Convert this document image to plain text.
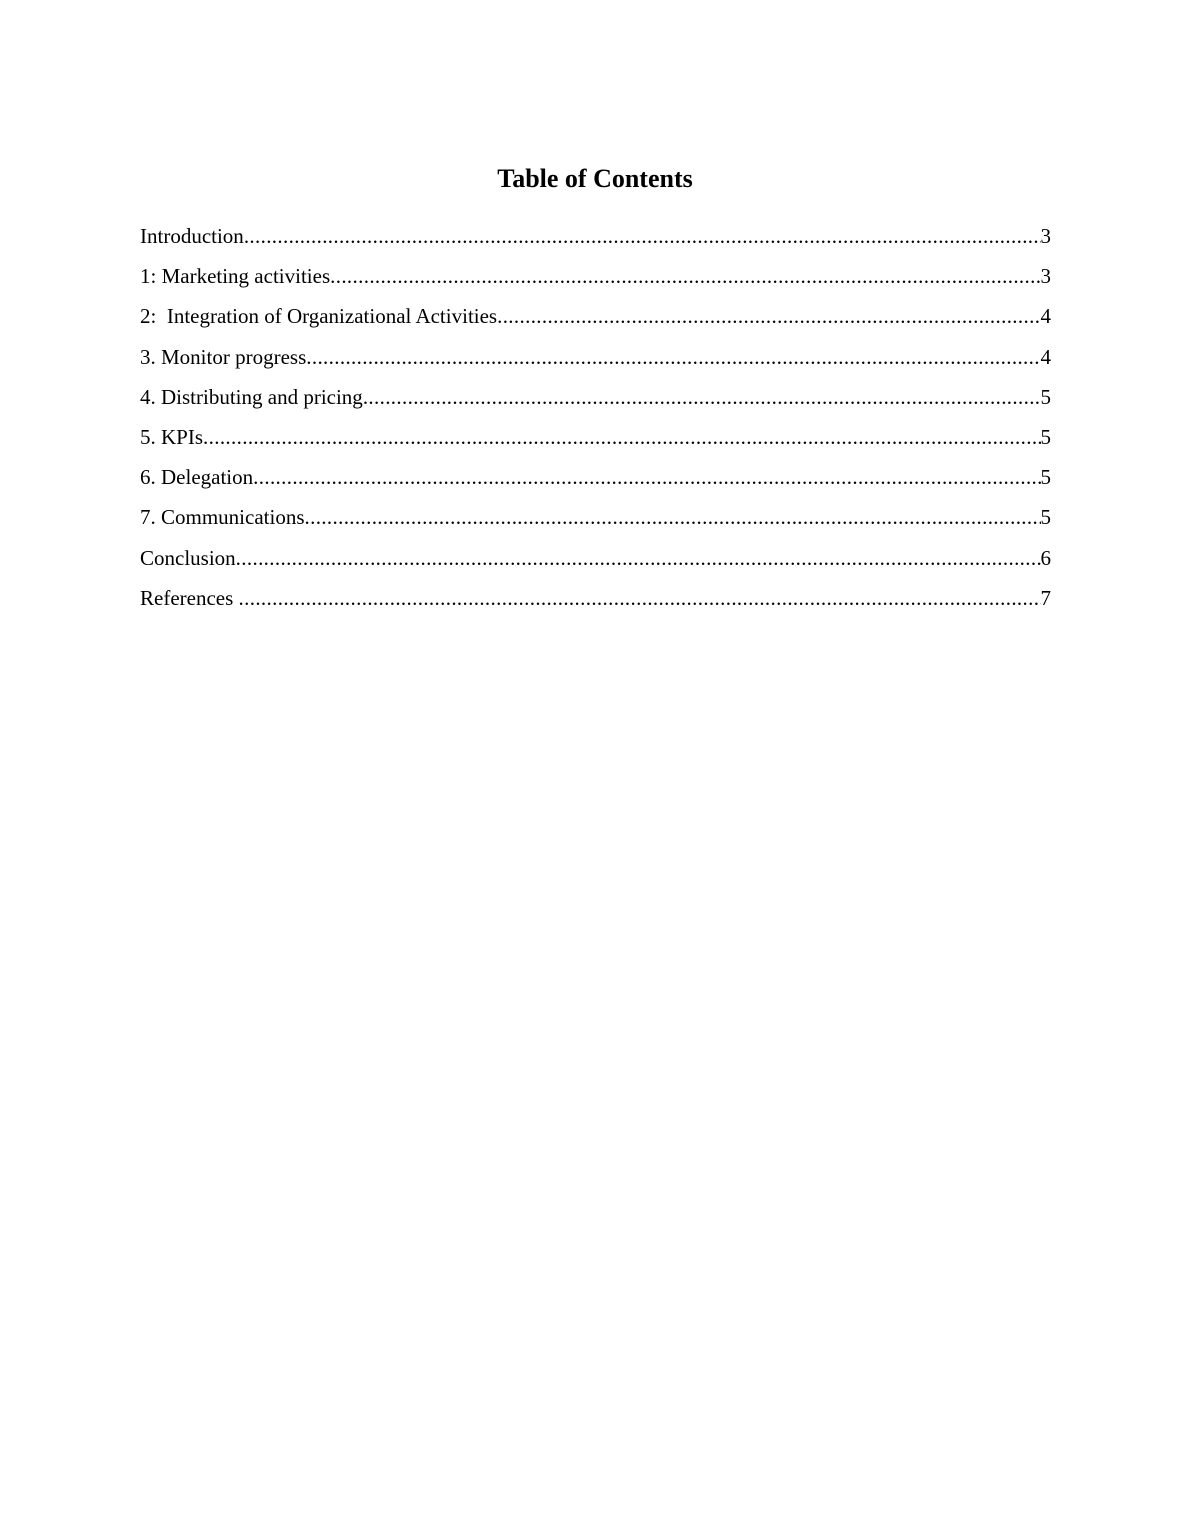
Table of Contents
Introduction .....	3
1: Marketing activities .....	3
2:  Integration of Organizational Activities .....	4
3. Monitor progress .....	4
4. Distributing and pricing .....	5
5. KPIs .....	5
6. Delegation .....	5
7. Communications .....	5
Conclusion .....	6
References .....	7
